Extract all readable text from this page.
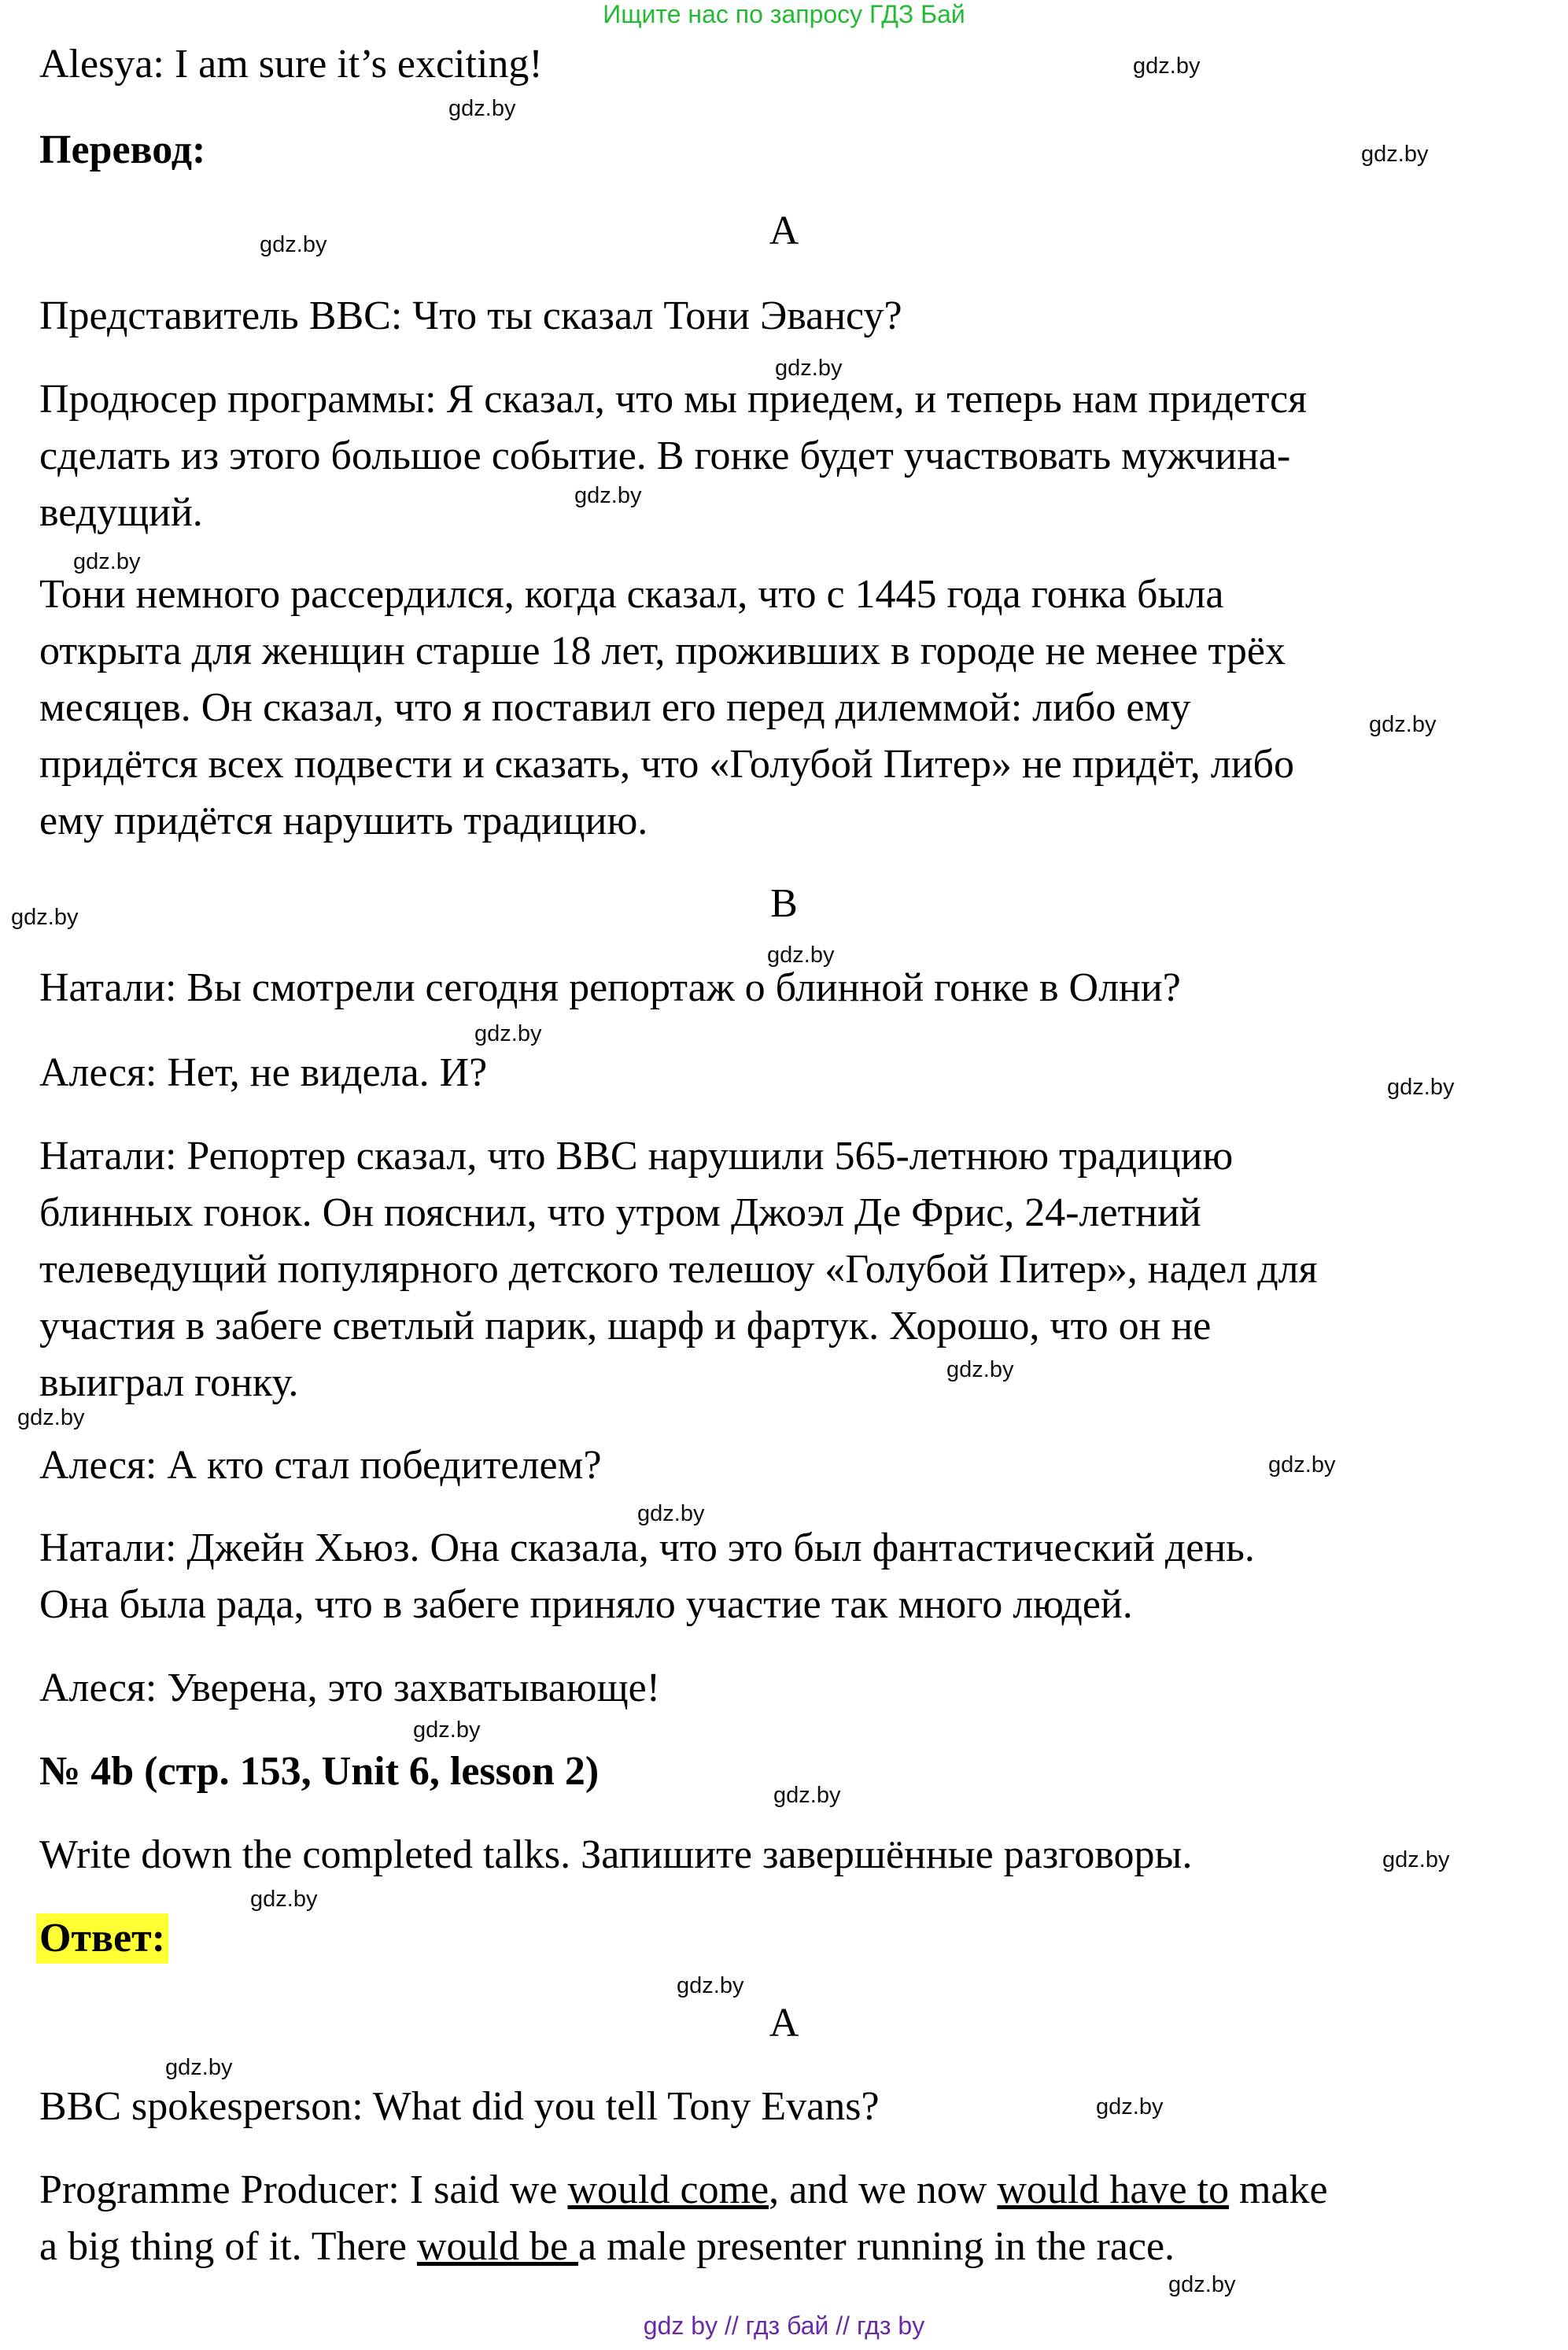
Ищите нас по запросу ГДЗ Бай
gdz.by
gdz.by
gdz.by
gdz.by
gdz.by
gdz.by
gdz.by
gdz.by
gdz.by
gdz.by
gdz.by
gdz.by
gdz.by
gdz.by
gdz.by
gdz.by
gdz.by
gdz.by
gdz.by
gdz.by
gdz.by
gdz.by
gdz.by
gdz.by

Alesya: I am sure it’s exciting!

Перевод:

A

Представитель BBC: Что ты сказал Тони Эвансу?

Продюсер программы: Я сказал, что мы приедем, и теперь нам придется

сделать из этого большое событие. В гонке будет участвовать мужчина-

ведущий.

Тони немного рассердился, когда сказал, что с 1445 года гонка была

открыта для женщин старше 18 лет, проживших в городе не менее трёх

месяцев. Он сказал, что я поставил его перед дилеммой: либо ему

придётся всех подвести и сказать, что «Голубой Питер» не придёт, либо

ему придётся нарушить традицию.

B

Натали: Вы смотрели сегодня репортаж о блинной гонке в Олни?

Алеся: Нет, не видела. И?

Натали: Репортер сказал, что BBC нарушили 565-летнюю традицию

блинных гонок. Он пояснил, что утром Джоэл Де Фрис, 24-летний

телеведущий популярного детского телешоу «Голубой Питер», надел для

участия в забеге светлый парик, шарф и фартук. Хорошо, что он не

выиграл гонку.

Алеся: А кто стал победителем?

Натали: Джейн Хьюз. Она сказала, что это был фантастический день.

Она была рада, что в забеге приняло участие так много людей.

Алеся: Уверена, это захватывающе!

№ 4b (стр. 153, Unit 6, lesson 2)

Write down the completed talks. Запишите завершённые разговоры.

Ответ:
A

BBC spokesperson: What did you tell Tony Evans?

Programme Producer: I said we would come, and we now would have to make

a big thing of it. There would be a male presenter running in the race.

gdz by // гдз бай // гдз by
